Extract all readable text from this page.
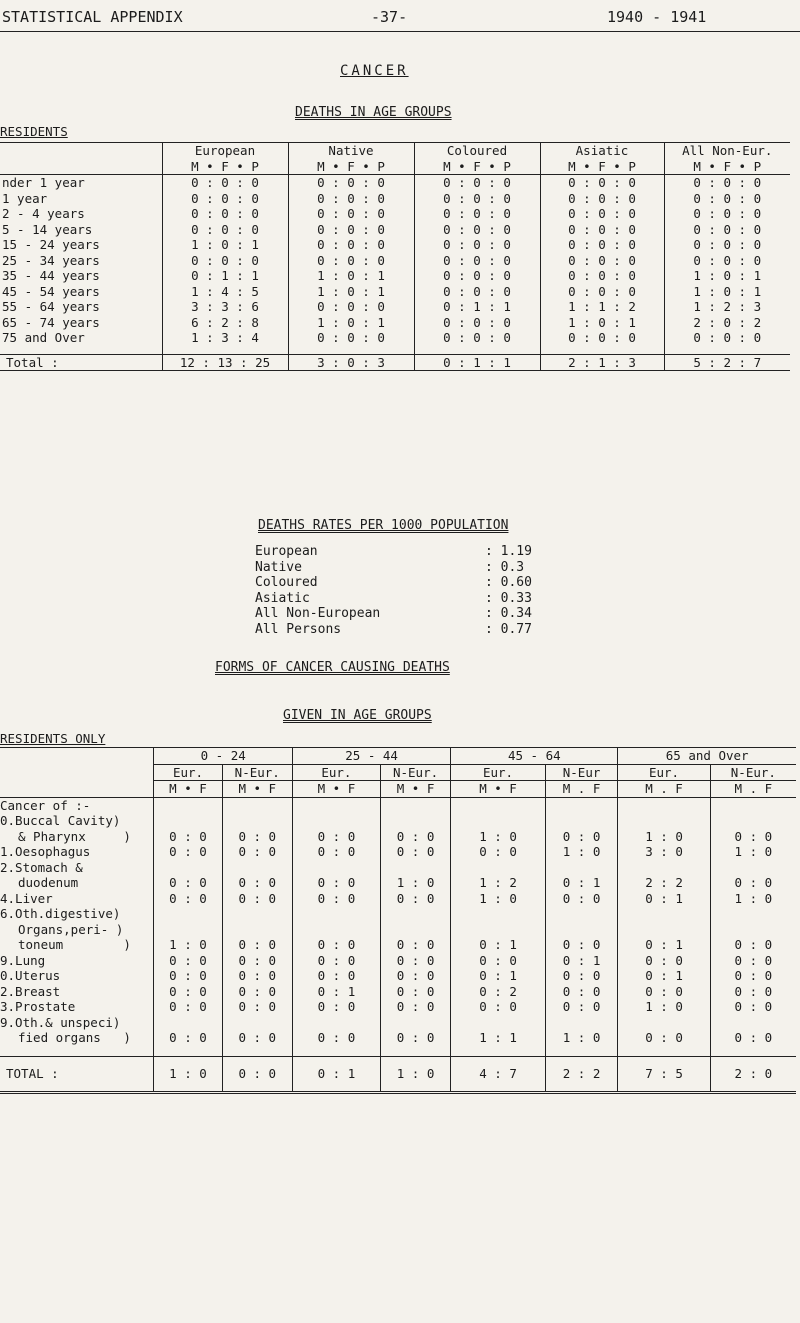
STATISTICAL APPENDIX	-37-	1940 - 1941
CANCER
DEATHS IN AGE GROUPS
RESIDENTS
	European	Native	Coloured	Asiatic	All Non-Eur.
	M • F • P	M • F • P	M • F • P	M • F • P	M • F • P
nder 1 year	0 : 0 : 0	0 : 0 : 0	0 : 0 : 0	0 : 0 : 0	0 : 0 : 0
1 year	0 : 0 : 0	0 : 0 : 0	0 : 0 : 0	0 : 0 : 0	0 : 0 : 0
2 - 4 years	0 : 0 : 0	0 : 0 : 0	0 : 0 : 0	0 : 0 : 0	0 : 0 : 0
5 - 14 years	0 : 0 : 0	0 : 0 : 0	0 : 0 : 0	0 : 0 : 0	0 : 0 : 0
15 - 24 years	1 : 0 : 1	0 : 0 : 0	0 : 0 : 0	0 : 0 : 0	0 : 0 : 0
25 - 34 years	0 : 0 : 0	0 : 0 : 0	0 : 0 : 0	0 : 0 : 0	0 : 0 : 0
35 - 44 years	0 : 1 : 1	1 : 0 : 1	0 : 0 : 0	0 : 0 : 0	1 : 0 : 1
45 - 54 years	1 : 4 : 5	1 : 0 : 1	0 : 0 : 0	0 : 0 : 0	1 : 0 : 1
55 - 64 years	3 : 3 : 6	0 : 0 : 0	0 : 1 : 1	1 : 1 : 2	1 : 2 : 3
65 - 74 years	6 : 2 : 8	1 : 0 : 1	0 : 0 : 0	1 : 0 : 1	2 : 0 : 2
75 and Over	1 : 3 : 4	0 : 0 : 0	0 : 0 : 0	0 : 0 : 0	0 : 0 : 0

Total :	12 : 13 : 25	3 : 0 : 3	0 : 1 : 1	2 : 1 : 3	5 : 2 : 7
DEATHS RATES PER 1000 POPULATION
European	: 1.19
Native	: 0.3
Coloured	: 0.60
Asiatic	: 0.33
All Non-European	: 0.34
All Persons	: 0.77
FORMS OF CANCER CAUSING DEATHS
GIVEN IN AGE GROUPS
RESIDENTS ONLY
	0 - 24		25 - 44		45 - 64		65 and Over	
	Eur.	N-Eur.	Eur.	N-Eur.	Eur.	N-Eur	Eur.	N-Eur.
	M • F	M • F	M • F	M • F	M • F	M . F	M . F	M . F
Cancer of :-								
0.Buccal Cavity)								
& Pharynx     )	0 : 0	0 : 0	0 : 0	0 : 0	1 : 0	0 : 0	1 : 0	0 : 0
1.Oesophagus	0 : 0	0 : 0	0 : 0	0 : 0	0 : 0	1 : 0	3 : 0	1 : 0
2.Stomach &								
duodenum	0 : 0	0 : 0	0 : 0	1 : 0	1 : 2	0 : 1	2 : 2	0 : 0
4.Liver	0 : 0	0 : 0	0 : 0	0 : 0	1 : 0	0 : 0	0 : 1	1 : 0
6.Oth.digestive)								
Organs,peri- )								
toneum        )	1 : 0	0 : 0	0 : 0	0 : 0	0 : 1	0 : 0	0 : 1	0 : 0
9.Lung	0 : 0	0 : 0	0 : 0	0 : 0	0 : 0	0 : 1	0 : 0	0 : 0
0.Uterus	0 : 0	0 : 0	0 : 0	0 : 0	0 : 1	0 : 0	0 : 1	0 : 0
2.Breast	0 : 0	0 : 0	0 : 1	0 : 0	0 : 2	0 : 0	0 : 0	0 : 0
3.Prostate	0 : 0	0 : 0	0 : 0	0 : 0	0 : 0	0 : 0	1 : 0	0 : 0
9.Oth.& unspeci)								
fied organs   )	0 : 0	0 : 0	0 : 0	0 : 0	1 : 1	1 : 0	0 : 0	0 : 0

TOTAL :	1 : 0	0 : 0	0 : 1	1 : 0	4 : 7	2 : 2	7 : 5	2 : 0
